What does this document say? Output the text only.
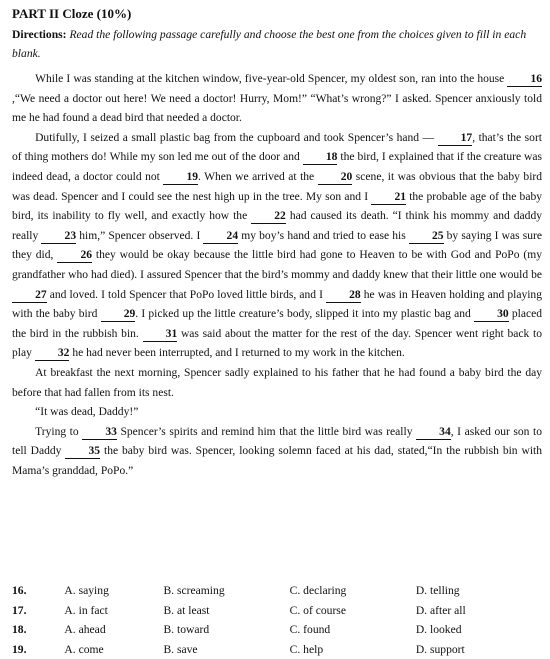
PART II Cloze (10%)
Directions: Read the following passage carefully and choose the best one from the choices given to fill in each blank.

While I was standing at the kitchen window, five-year-old Spencer, my oldest son, ran into the house 16,“We need a doctor out here! We need a doctor! Hurry, Mom!” “What’s wrong?” I asked. Spencer anxiously told me he had found a dead bird that needed a doctor.

Dutifully, I seized a small plastic bag from the cupboard and took Spencer’s hand — 17, that’s the sort of thing mothers do! While my son led me out of the door and 18 the bird, I explained that if the creature was indeed dead, a doctor could not 19. When we arrived at the 20 scene, it was obvious that the baby bird was dead. Spencer and I could see the nest high up in the tree. My son and I 21 the probable age of the baby bird, its inability to fly well, and exactly how the 22 had caused its death. “I think his mommy and daddy really 23 him,” Spencer observed. I 24 my boy’s hand and tried to ease his 25 by saying I was sure they did, 26 they would be okay because the little bird had gone to Heaven to be with God and PoPo (my grandfather who had died). I assured Spencer that the bird’s mommy and daddy knew that their little one would be 27 and loved. I told Spencer that PoPo loved little birds, and I 28 he was in Heaven holding and playing with the baby bird 29. I picked up the little creature’s body, slipped it into my plastic bag and 30 placed the bird in the rubbish bin. 31 was said about the matter for the rest of the day. Spencer went right back to play 32 he had never been interrupted, and I returned to my work in the kitchen.

At breakfast the next morning, Spencer sadly explained to his father that he had found a baby bird the day before that had fallen from its nest.

“It was dead, Daddy!”

Trying to 33 Spencer’s spirits and remind him that the little bird was really 34, I asked our son to tell Daddy 35 the baby bird was. Spencer, looking solemn faced at his dad, stated,“In the rubbish bin with Mama’s granddad, PoPo.”

16.	A. saying	B. screaming	C. declaring	D. telling
17.	A. in fact	B. at least	C. of course	D. after all
18.	A. ahead	B. toward	C. found	D. looked
19.	A. come	B. save	C. help	D. support
